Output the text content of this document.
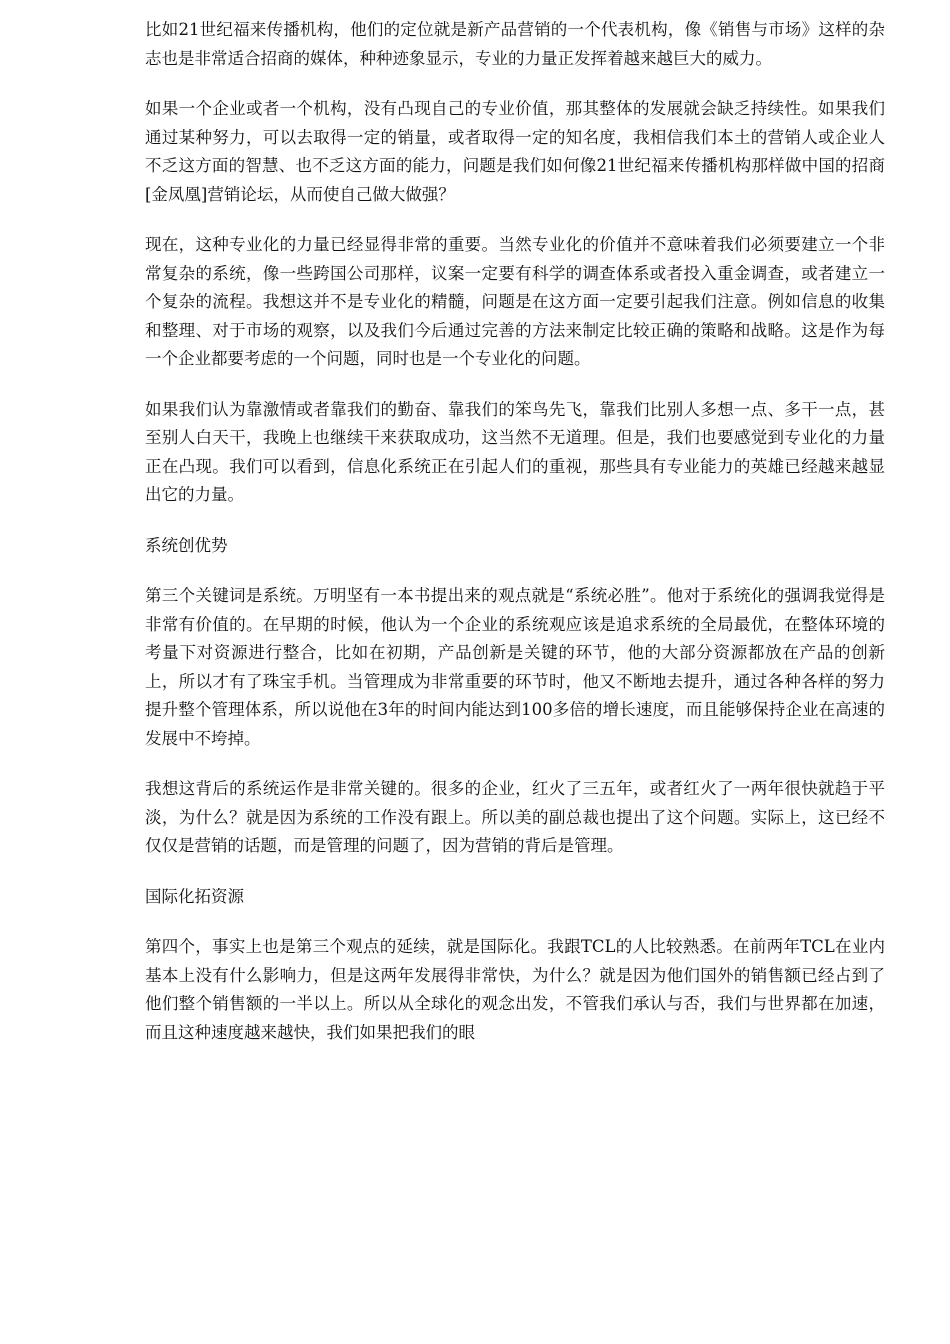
比如21世纪福来传播机构，他们的定位就是新产品营销的一个代表机构，像《销售与市场》这样的杂志也是非常适合招商的媒体，种种迹象显示，专业的力量正发挥着越来越巨大的威力。

如果一个企业或者一个机构，没有凸现自己的专业价值，那其整体的发展就会缺乏持续性。如果我们通过某种努力，可以去取得一定的销量，或者取得一定的知名度，我相信我们本土的营销人或企业人不乏这方面的智慧、也不乏这方面的能力，问题是我们如何像21世纪福来传播机构那样做中国的招商[金凤凰]营销论坛，从而使自己做大做强？

现在，这种专业化的力量已经显得非常的重要。当然专业化的价值并不意味着我们必须要建立一个非常复杂的系统，像一些跨国公司那样，议案一定要有科学的调查体系或者投入重金调查，或者建立一个复杂的流程。我想这并不是专业化的精髓，问题是在这方面一定要引起我们注意。例如信息的收集和整理、对于市场的观察，以及我们今后通过完善的方法来制定比较正确的策略和战略。这是作为每一个企业都要考虑的一个问题，同时也是一个专业化的问题。

如果我们认为靠激情或者靠我们的勤奋、靠我们的笨鸟先飞，靠我们比别人多想一点、多干一点，甚至别人白天干，我晚上也继续干来获取成功，这当然不无道理。但是，我们也要感觉到专业化的力量正在凸现。我们可以看到，信息化系统正在引起人们的重视，那些具有专业能力的英雄已经越来越显出它的力量。

系统创优势

第三个关键词是系统。万明坚有一本书提出来的观点就是“系统必胜”。他对于系统化的强调我觉得是非常有价值的。在早期的时候，他认为一个企业的系统观应该是追求系统的全局最优，在整体环境的考量下对资源进行整合，比如在初期，产品创新是关键的环节，他的大部分资源都放在产品的创新上，所以才有了珠宝手机。当管理成为非常重要的环节时，他又不断地去提升，通过各种各样的努力提升整个管理体系，所以说他在3年的时间内能达到100多倍的增长速度，而且能够保持企业在高速的发展中不垮掉。

我想这背后的系统运作是非常关键的。很多的企业，红火了三五年，或者红火了一两年很快就趋于平淡，为什么？就是因为系统的工作没有跟上。所以美的副总裁也提出了这个问题。实际上，这已经不仅仅是营销的话题，而是管理的问题了，因为营销的背后是管理。

国际化拓资源

第四个，事实上也是第三个观点的延续，就是国际化。我跟TCL的人比较熟悉。在前两年TCL在业内基本上没有什么影响力，但是这两年发展得非常快，为什么？就是因为他们国外的销售额已经占到了他们整个销售额的一半以上。所以从全球化的观念出发，不管我们承认与否，我们与世界都在加速，而且这种速度越来越快，我们如果把我们的眼
